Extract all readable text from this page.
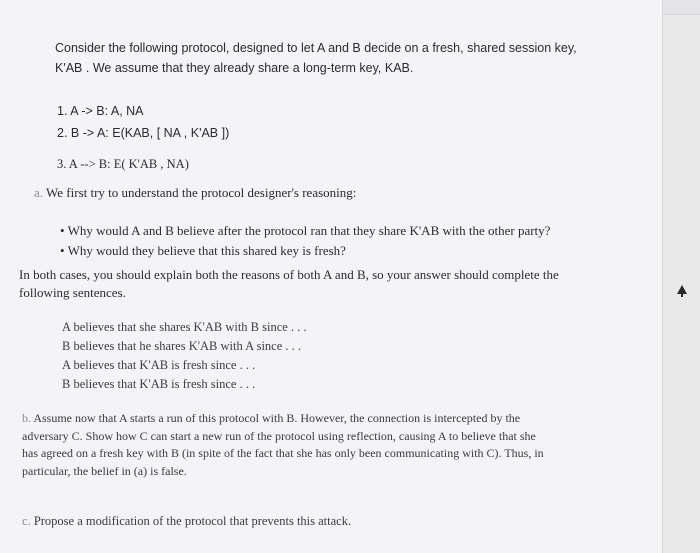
Consider the following protocol, designed to let A and B decide on a fresh, shared session key,
K'AB . We assume that they already share a long-term key, KAB.
1. A -> B: A, NA
2. B -> A: E(KAB, [ NA , K'AB ])
3. A --> B: E( K'AB , NA)
a. We first try to understand the protocol designer's reasoning:
• Why would A and B believe after the protocol ran that they share K'AB with the other party?
• Why would they believe that this shared key is fresh?
In both cases, you should explain both the reasons of both A and B, so your answer should complete the
following sentences.
A believes that she shares K'AB with B since . . .
B believes that he shares K'AB with A since . . .
A believes that K'AB is fresh since . . .
B believes that K'AB is fresh since . . .
b. Assume now that A starts a run of this protocol with B. However, the connection is intercepted by the
adversary C. Show how C can start a new run of the protocol using reflection, causing A to believe that she
has agreed on a fresh key with B (in spite of the fact that she has only been communicating with C). Thus, in
particular, the belief in (a) is false.
c. Propose a modification of the protocol that prevents this attack.
